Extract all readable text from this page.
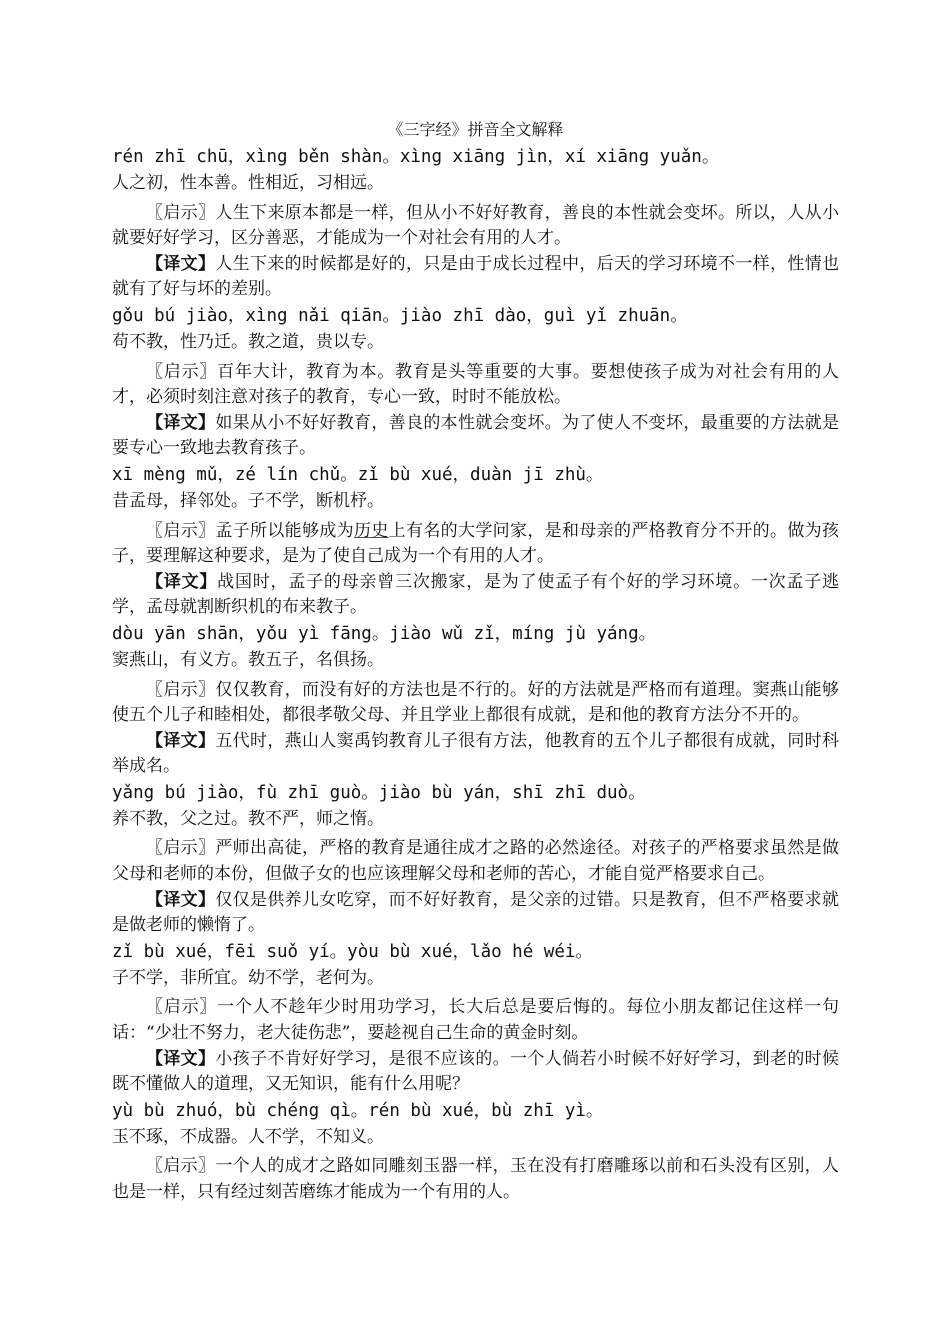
《三字经》拼音全文解释
rén zhī chū，xìng běn shàn。xìng xiāng jìn，xí xiāng yuǎn。
人之初，性本善。性相近，习相远。
〖启示〗人生下来原本都是一样，但从小不好好教育，善良的本性就会变坏。所以，人从小就要好好学习，区分善恶，才能成为一个对社会有用的人才。
【译文】人生下来的时候都是好的，只是由于成长过程中，后天的学习环境不一样，性情也就有了好与坏的差别。
gǒu bú jiào，xìng nǎi qiān。jiào zhī dào，guì yǐ zhuān。
苟不教，性乃迁。教之道，贵以专。
〖启示〗百年大计，教育为本。教育是头等重要的大事。要想使孩子成为对社会有用的人才，必须时刻注意对孩子的教育，专心一致，时时不能放松。
【译文】如果从小不好好教育，善良的本性就会变坏。为了使人不变坏，最重要的方法就是要专心一致地去教育孩子。
xī mèng mǔ，zé lín chǔ。zǐ bù xué，duàn jī zhù。
昔孟母，择邻处。子不学，断机杼。
〖启示〗孟子所以能够成为历史上有名的大学问家，是和母亲的严格教育分不开的。做为孩子，要理解这种要求，是为了使自己成为一个有用的人才。
【译文】战国时，孟子的母亲曾三次搬家，是为了使孟子有个好的学习环境。一次孟子逃学，孟母就割断织机的布来教子。
dòu yān shān，yǒu yì fāng。jiào wǔ zǐ，míng jù yáng。
窦燕山，有义方。教五子，名俱扬。
〖启示〗仅仅教育，而没有好的方法也是不行的。好的方法就是严格而有道理。窦燕山能够使五个儿子和睦相处，都很孝敬父母、并且学业上都很有成就，是和他的教育方法分不开的。
【译文】五代时，燕山人窦禹钧教育儿子很有方法，他教育的五个儿子都很有成就，同时科举成名。
yǎng bú jiào，fù zhī guò。jiào bù yán，shī zhī duò。
养不教，父之过。教不严，师之惰。
〖启示〗严师出高徒，严格的教育是通往成才之路的必然途径。对孩子的严格要求虽然是做父母和老师的本份，但做子女的也应该理解父母和老师的苦心，才能自觉严格要求自己。
【译文】仅仅是供养儿女吃穿，而不好好教育，是父亲的过错。只是教育，但不严格要求就是做老师的懒惰了。
zǐ bù xué，fēi suǒ yí。yòu bù xué，lǎo hé wéi。
子不学，非所宜。幼不学，老何为。
〖启示〗一个人不趁年少时用功学习，长大后总是要后悔的。每位小朋友都记住这样一句话：“少壮不努力，老大徒伤悲”，要趁视自己生命的黄金时刻。
【译文】小孩子不肯好好学习，是很不应该的。一个人倘若小时候不好好学习，到老的时候既不懂做人的道理，又无知识，能有什么用呢？
yù bù zhuó，bù chéng qì。rén bù xué，bù zhī yì。
玉不琢，不成器。人不学，不知义。
〖启示〗一个人的成才之路如同雕刻玉器一样，玉在没有打磨雕琢以前和石头没有区别，人也是一样，只有经过刻苦磨练才能成为一个有用的人。
